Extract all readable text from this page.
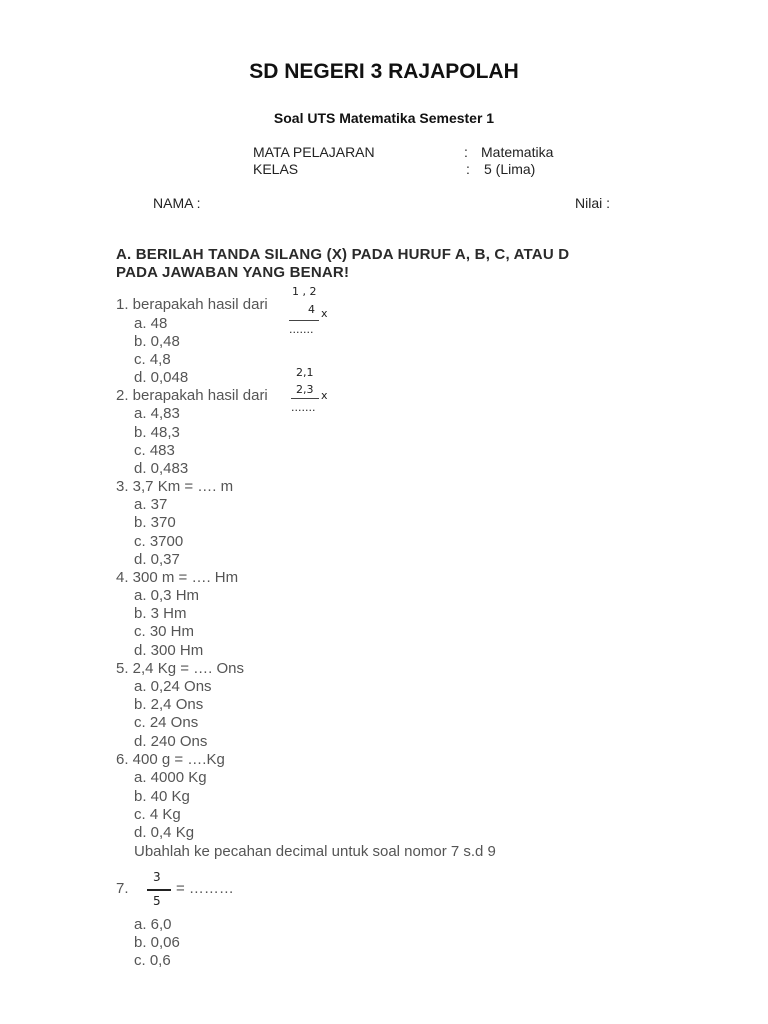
SD NEGERI 3 RAJAPOLAH
Soal UTS Matematika Semester 1
MATA PELAJARAN	: Matematika
KELAS	: 5 (Lima)
NAMA :	Nilai :
A. BERILAH TANDA SILANG (X) PADA HURUF A, B, C, ATAU D
PADA JAWABAN YANG BENAR!
1. berapakah hasil dari
1 , 2
4 x
.......
a. 48
b. 0,48
c. 4,8
d. 0,048
2. berapakah hasil dari
2,1
2,3 x
.......
a. 4,83
b. 48,3
c. 483
d. 0,483
3. 3,7 Km = …. m
a. 37
b. 370
c. 3700
d. 0,37
4. 300 m = …. Hm
a. 0,3 Hm
b. 3 Hm
c. 30 Hm
d. 300 Hm
5. 2,4 Kg = …. Ons
a. 0,24 Ons
b. 2,4 Ons
c. 24 Ons
d. 240 Ons
6. 400 g = ….Kg
a. 4000 Kg
b. 40 Kg
c. 4 Kg
d. 0,4 Kg
Ubahlah ke pecahan decimal untuk soal nomor 7 s.d 9
7.
3
5
= ………
a. 6,0
b. 0,06
c. 0,6
